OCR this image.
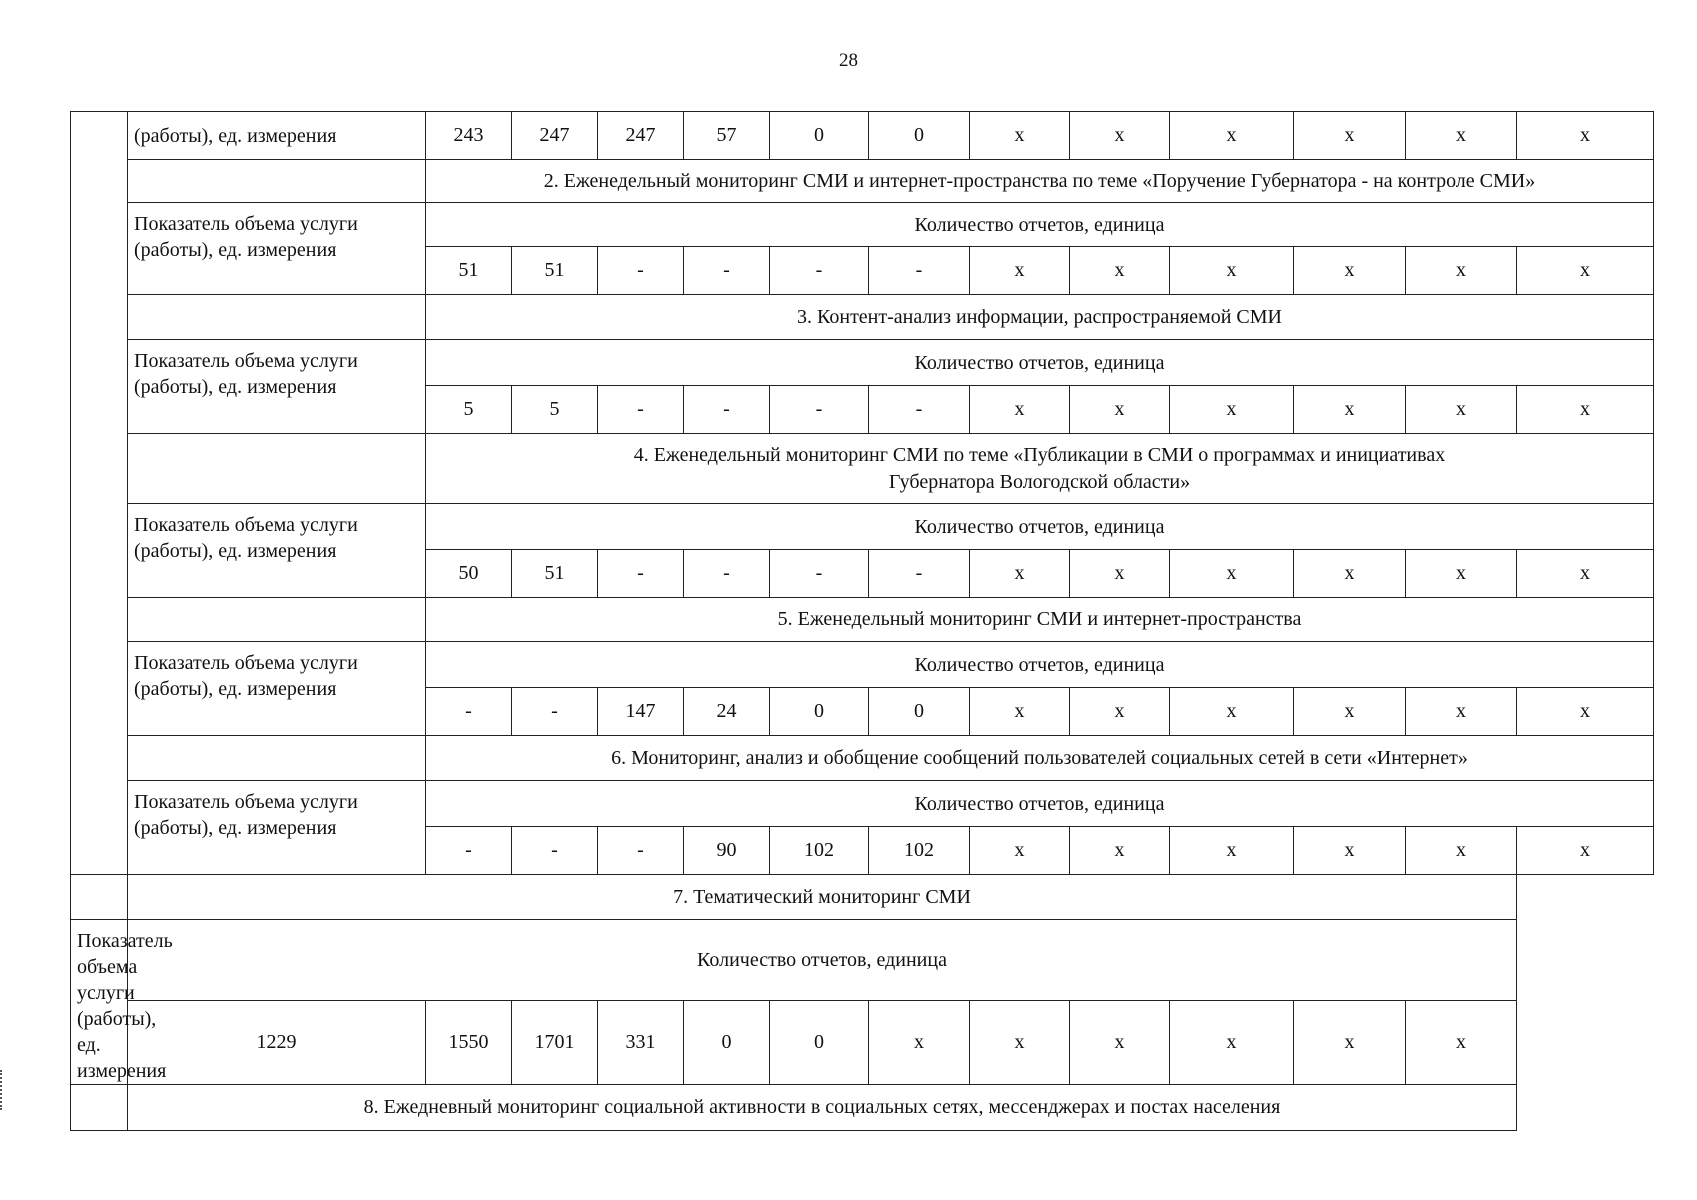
28
	(работы), ед. измерения	243	247	247	57	0	0	x	x	x	x	x	x
		2. Еженедельный мониторинг СМИ и интернет-пространства по теме «Поручение Губернатора - на контроле СМИ»											
	Показатель объема услуги (работы), ед. измерения	Количество отчетов, единица											
		51	51	-	-	-	-	x	x	x	x	x	x
		3. Контент-анализ информации, распространяемой СМИ											
	Показатель объема услуги (работы), ед. измерения	Количество отчетов, единица											
		5	5	-	-	-	-	x	x	x	x	x	x
		4. Еженедельный мониторинг СМИ по теме «Публикации в СМИ о программах и инициативах Губернатора Вологодской области»											
	Показатель объема услуги (работы), ед. измерения	Количество отчетов, единица											
		50	51	-	-	-	-	x	x	x	x	x	x
		5. Еженедельный мониторинг СМИ и интернет-пространства											
	Показатель объема услуги (работы), ед. измерения	Количество отчетов, единица											
		-	-	147	24	0	0	x	x	x	x	x	x
		6. Мониторинг, анализ и обобщение сообщений пользователей социальных сетей в сети «Интернет»											
	Показатель объема услуги (работы), ед. измерения	Количество отчетов, единица											
		-	-	-	90	102	102	x	x	x	x	x	x
	7. Тематический мониторинг СМИ												
Показатель объема услуги (работы), ед. измерения	Количество отчетов, единица												
	1229	1550	1701	331	0	0	x	x	x	x	x	x	
	8. Ежедневный мониторинг социальной активности в социальных сетях, мессенджерах и постах населения												
